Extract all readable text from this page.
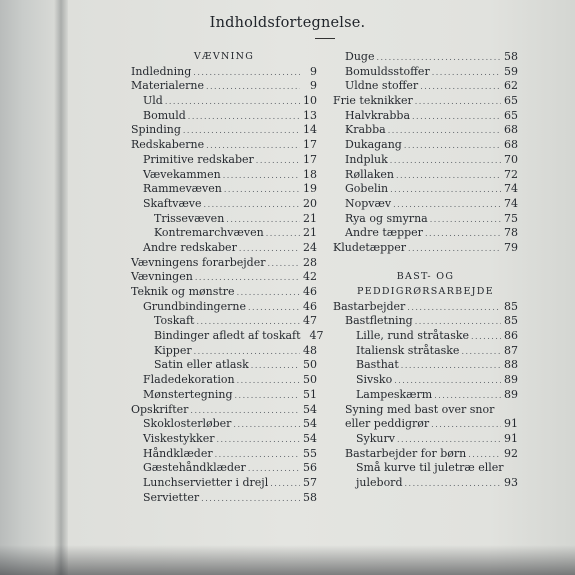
Indholdsfortegnelse.
VÆVNING
Indledning .....	9
Materialerne .....	9
Uld .....	10
Bomuld .....	13
Spinding .....	14
Redskaberne .....	17
Primitive redskaber .....	17
Vævekammen .....	18
Rammevæven .....	19
Skaftvæve .....	20
Trissevæven .....	21
Kontremarchvæven .....	21
Andre redskaber .....	24
Vævningens forarbejder .....	28
Vævningen .....	42
Teknik og mønstre .....	46
Grundbindingerne .....	46
Toskaft .....	47
Bindinger afledt af toskaft 47
Kipper .....	48
Satin eller atlask .....	50
Fladedekoration .....	50
Mønstertegning .....	51
Opskrifter .....	54
Skoklosterløber .....	54
Viskestykker .....	54
Håndklæder .....	55
Gæstehåndklæder .....	56
Lunchservietter i drejl .....	57
Servietter .....	58
Duge .....	58
Bomuldsstoffer .....	59
Uldne stoffer .....	62
Frie teknikker .....	65
Halvkrabba .....	65
Krabba .....	68
Dukagang .....	68
Indpluk .....	70
Røllaken .....	72
Gobelin .....	74
Nopvæv .....	74
Rya og smyrna .....	75
Andre tæpper .....	78
Kludetæpper .....	79
BAST- OG
PEDDIGRØRSARBEJDE
Bastarbejder .....	85
Bastfletning .....	85
Lille, rund stråtaske .....	86
Italiensk stråtaske .....	87
Basthat .....	88
Sivsko .....	89
Lampeskærm .....	89
Syning med bast over snor
eller peddigrør .....	91
Sykurv .....	91
Bastarbejder for børn .....	92
Små kurve til juletræ eller
julebord .....	93
